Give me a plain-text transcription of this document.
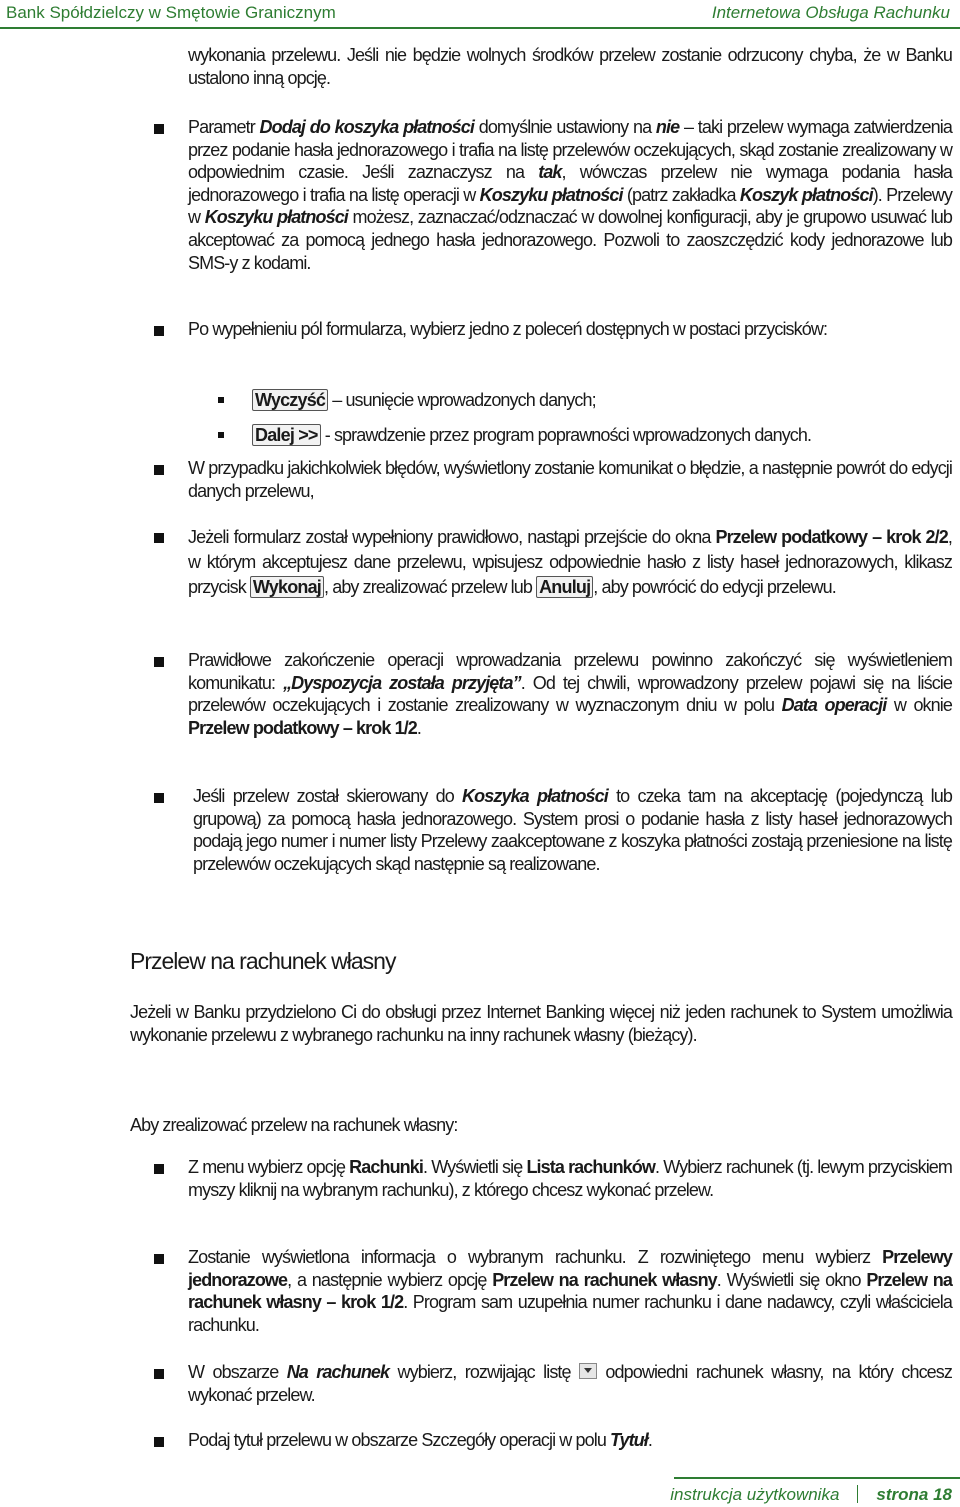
Bank Spółdzielczy w Smętowie Granicznym	Internetowa Obsługa Rachunku

wykonania przelewu. Jeśli nie będzie wolnych środków przelew zostanie odrzucony chyba, że w Banku ustalono inną opcję.

Parametr Dodaj do koszyka płatności domyślnie ustawiony na nie – taki przelew wymaga zatwierdzenia przez podanie hasła jednorazowego i trafia na listę przelewów oczekujących, skąd zostanie zrealizowany w odpowiednim czasie. Jeśli zaznaczysz na tak, wówczas przelew nie wymaga podania hasła jednorazowego i trafia na listę operacji w Koszyku płatności (patrz zakładka Koszyk płatności). Przelewy w Koszyku płatności możesz, zaznaczać/odznaczać w dowolnej konfiguracji, aby je grupowo usuwać lub akceptować za pomocą jednego hasła jednorazowego. Pozwoli to zaoszczędzić kody jednorazowe lub SMS-y z kodami.

Po wypełnieniu pól formularza, wybierz jedno z poleceń dostępnych w postaci przycisków:

Wyczyść – usunięcie wprowadzonych danych;

Dalej >> - sprawdzenie przez program poprawności wprowadzonych danych.

W przypadku jakichkolwiek błędów, wyświetlony zostanie komunikat o błędzie, a następnie powrót do edycji danych przelewu,

Jeżeli formularz został wypełniony prawidłowo, nastąpi przejście do okna Przelew podatkowy – krok 2/2, w którym akceptujesz dane przelewu, wpisujesz odpowiednie hasło z listy haseł jednorazowych, klikasz przycisk Wykonaj , aby zrealizować przelew lub Anuluj , aby powrócić do edycji przelewu.

Prawidłowe zakończenie operacji wprowadzania przelewu powinno zakończyć się wyświetleniem komunikatu: „Dyspozycja została przyjęta”. Od tej chwili, wprowadzony przelew pojawi się na liście przelewów oczekujących i zostanie zrealizowany w wyznaczonym dniu w polu Data operacji w oknie Przelew podatkowy – krok 1/2.

Jeśli przelew został skierowany do Koszyka płatności to czeka tam na akceptację (pojedynczą lub grupową) za pomocą hasła jednorazowego. System prosi o podanie hasła z listy haseł jednorazowych podają jego numer i numer listy Przelewy zaakceptowane z koszyka płatności zostają przeniesione na listę przelewów oczekujących skąd następnie są realizowane.

Przelew na rachunek własny

Jeżeli w Banku przydzielono Ci do obsługi przez Internet Banking więcej niż jeden rachunek to System umożliwia wykonanie przelewu z wybranego rachunku na inny rachunek własny (bieżący).

Aby zrealizować przelew na rachunek własny:

Z menu wybierz opcję Rachunki. Wyświetli się Lista rachunków. Wybierz rachunek (tj. lewym przyciskiem myszy kliknij na wybranym rachunku), z którego chcesz wykonać przelew.

Zostanie wyświetlona informacja o wybranym rachunku. Z rozwiniętego menu wybierz Przelewy jednorazowe, a następnie wybierz opcję Przelew na rachunek własny. Wyświetli się okno Przelew na rachunek własny – krok 1/2. Program sam uzupełnia numer rachunku i dane nadawcy, czyli właściciela rachunku.

W obszarze Na rachunek wybierz, rozwijając listę  odpowiedni rachunek własny, na który chcesz wykonać przelew.

Podaj tytuł przelewu w obszarze Szczegóły operacji w polu Tytuł.

instrukcja użytkownika strona 18
